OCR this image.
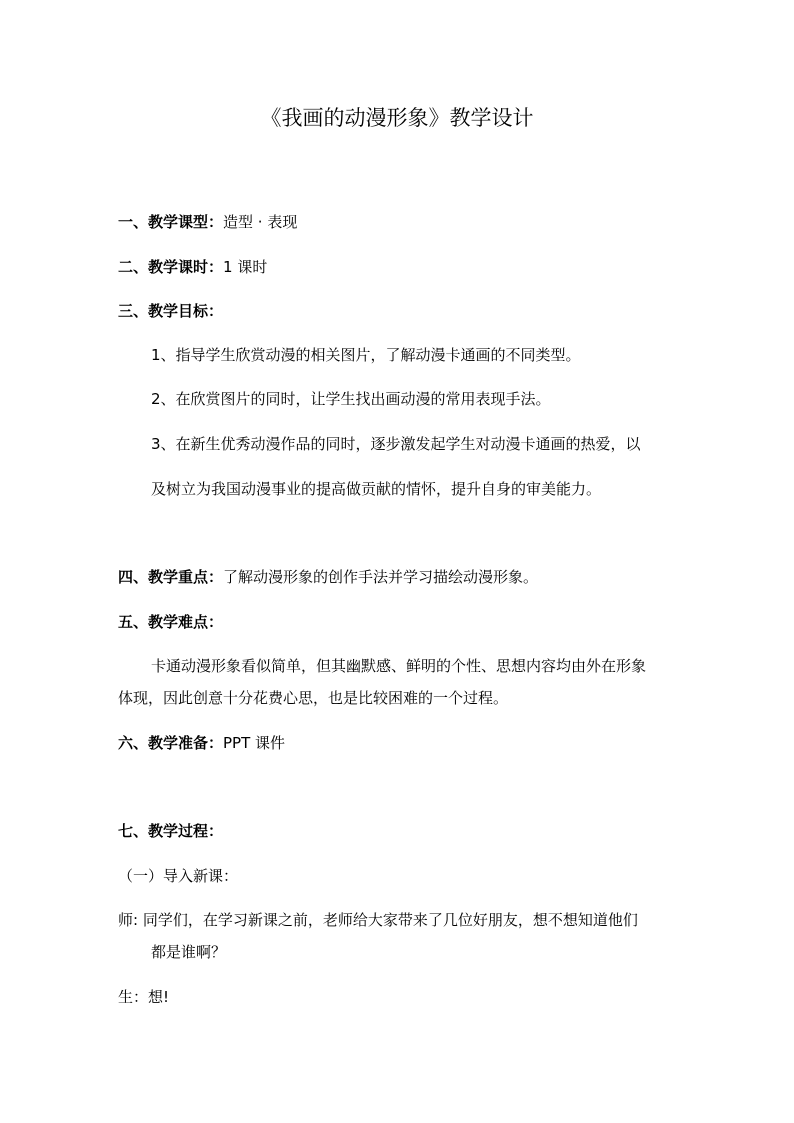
《我画的动漫形象》教学设计
一、教学课型：造型 · 表现
二、教学课时：1 课时
三、教学目标：
1、指导学生欣赏动漫的相关图片，了解动漫卡通画的不同类型。
2、在欣赏图片的同时，让学生找出画动漫的常用表现手法。
3、在新生优秀动漫作品的同时，逐步激发起学生对动漫卡通画的热爱，以
及树立为我国动漫事业的提高做贡献的情怀，提升自身的审美能力。
四、教学重点：了解动漫形象的创作手法并学习描绘动漫形象。
五、教学难点：
卡通动漫形象看似简单，但其幽默感、鲜明的个性、思想内容均由外在形象
体现，因此创意十分花费心思，也是比较困难的一个过程。
六、教学准备：PPT 课件
七、教学过程：
（一）导入新课：
师: 同学们，在学习新课之前，老师给大家带来了几位好朋友，想不想知道他们
都是谁啊？
生：想!
